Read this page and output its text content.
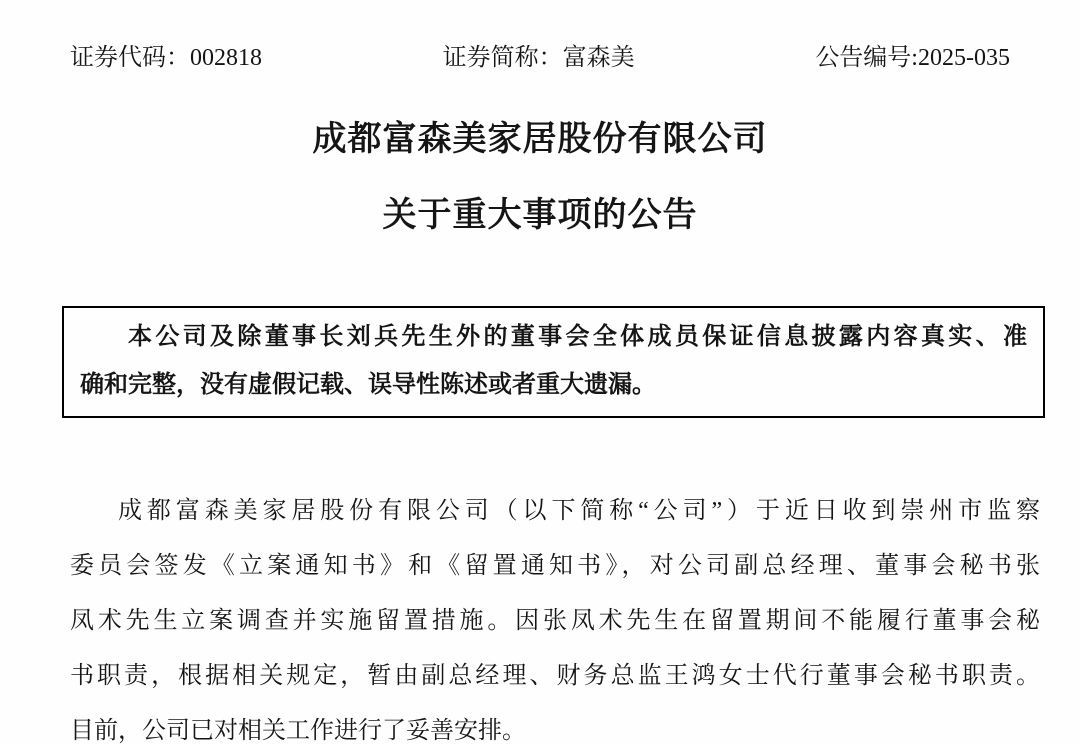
证券代码：002818	证券简称：富森美	公告编号:2025-035
成都富森美家居股份有限公司
关于重大事项的公告
本公司及除董事长刘兵先生外的董事会全体成员保证信息披露内容真实、准
确和完整，没有虚假记载、误导性陈述或者重大遗漏。
成都富森美家居股份有限公司（以下简称“公司”）于近日收到崇州市监察
委员会签发《立案通知书》和《留置通知书》，对公司副总经理、董事会秘书张
凤术先生立案调查并实施留置措施。因张凤术先生在留置期间不能履行董事会秘
书职责，根据相关规定，暂由副总经理、财务总监王鸿女士代行董事会秘书职责。
目前，公司已对相关工作进行了妥善安排。
